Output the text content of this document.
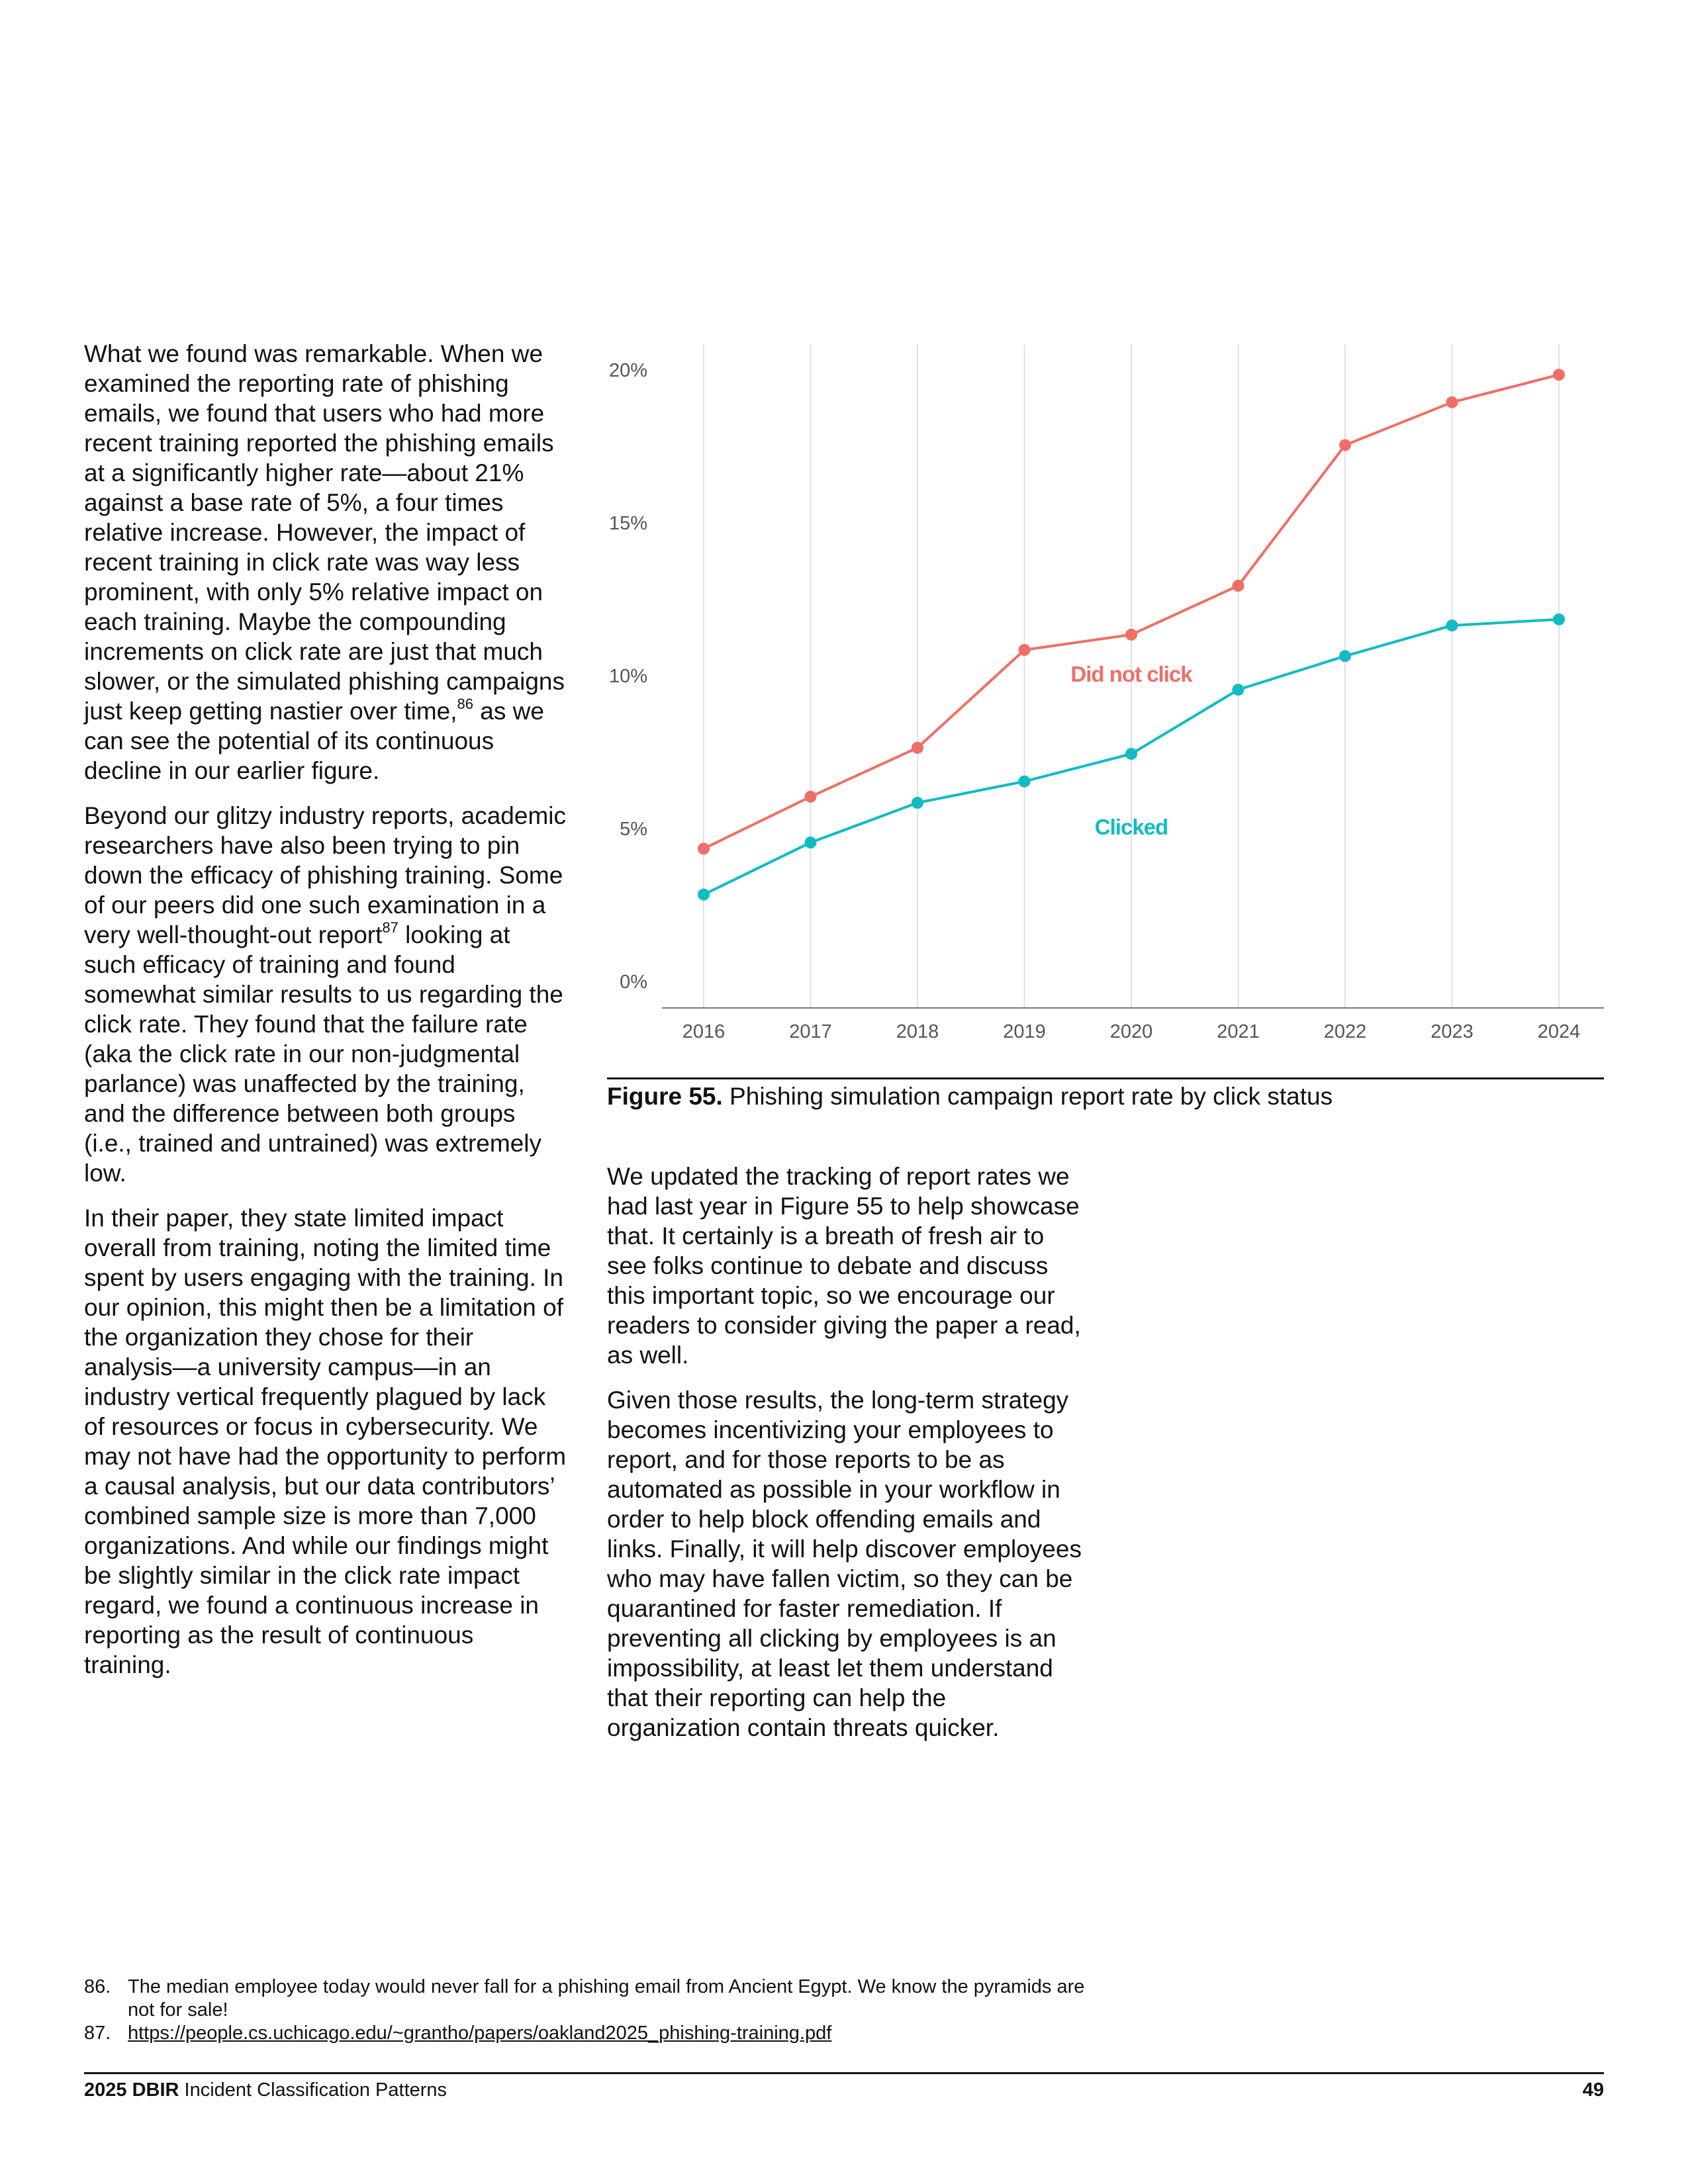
What we found was remarkable. When we examined the reporting rate of phishing emails, we found that users who had more recent training reported the phishing emails at a significantly higher rate—about 21% against a base rate of 5%, a four times relative increase. However, the impact of recent training in click rate was way less prominent, with only 5% relative impact on each training. Maybe the compounding increments on click rate are just that much slower, or the simulated phishing campaigns just keep getting nastier over time,$^{86}$ as we can see the potential of its continuous decline in our earlier figure.

Beyond our glitzy industry reports, academic researchers have also been trying to pin down the efficacy of phishing training. Some of our peers did one such examination in a very well-thought-out report$^{87}$ looking at such efficacy of training and found somewhat similar results to us regarding the click rate. They found that the failure rate (aka the click rate in our non-judgmental parlance) was unaffected by the training, and the difference between both groups (i.e., trained and untrained) was extremely low.

In their paper, they state limited impact overall from training, noting the limited time spent by users engaging with the training. In our opinion, this might then be a limitation of the organization they chose for their analysis—a university campus—in an industry vertical frequently plagued by lack of resources or focus in cybersecurity. We may not have had the opportunity to perform a causal analysis, but our data contributors’ combined sample size is more than 7,000 organizations. And while our findings might be slightly similar in the click rate impact regard, we found a continuous increase in reporting as the result of continuous training.

0%
5%
10%
15%
20%
2016	2017	2018	2019	2020	2021	2022	2023	2024
Did not click
Clicked
Figure 55. Phishing simulation campaign report rate by click status

We updated the tracking of report rates we had last year in Figure 55 to help showcase that. It certainly is a breath of fresh air to see folks continue to debate and discuss this important topic, so we encourage our readers to consider giving the paper a read, as well.

Given those results, the long-term strategy becomes incentivizing your employees to report, and for those reports to be as automated as possible in your workflow in order to help block offending emails and links. Finally, it will help discover employees who may have fallen victim, so they can be quarantined for faster remediation. If preventing all clicking by employees is an impossibility, at least let them understand that their reporting can help the organization contain threats quicker.

86. The median employee today would never fall for a phishing email from Ancient Egypt. We know the pyramids are not for sale!
87. https://people.cs.uchicago.edu/~grantho/papers/oakland2025_phishing-training.pdf
2025 DBIR Incident Classification Patterns	49
